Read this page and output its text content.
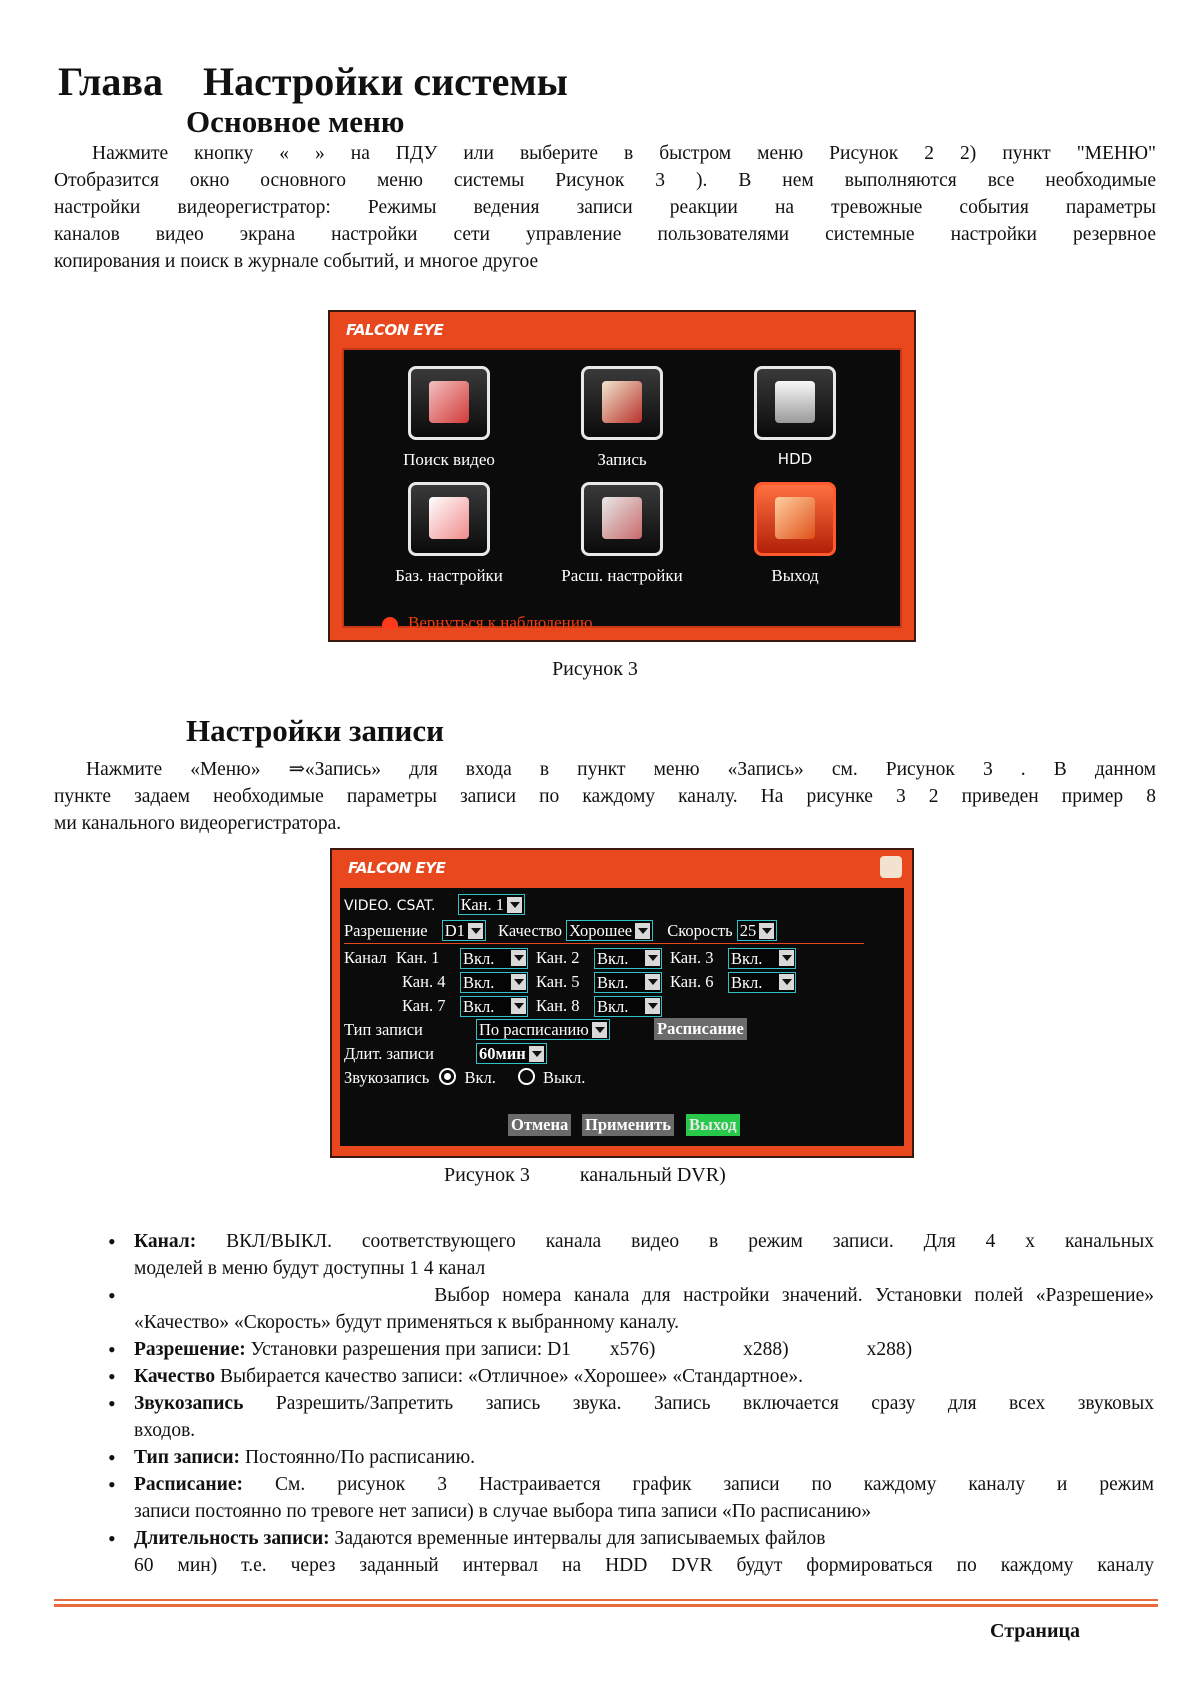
Глава    Настройки системы
Основное меню
Нажмите кнопку « » на ПДУ или выберите в быстром меню Рисунок 2 2) пункт "МЕНЮ"
Отобразится окно основного меню системы Рисунок 3 ). В нем выполняются все необходимые
настройки видеорегистратор: Режимы ведения записи реакции на тревожные события параметры
каналов видео экрана настройки сети управление пользователями системные настройки резервное
копирования и поиск в журнале событий, и многое другое
FALCON EYE
Поиск видео	Запись	HDD
Баз. настройки	Расш. настройки	Выход
Вернуться к наблюдению
Рисунок 3
Настройки записи
Нажмите «Меню» ⇒«Запись» для входа в пункт меню «Запись» см. Рисунок 3 . В данном
пункте задаем необходимые параметры записи по каждому каналу. На рисунке 3 2 приведен пример 8
ми канального видеорегистратора.
FALCON EYE
VIDEO. CSAT. Кан. 1
Разрешение D1 Качество Хорошее Скорость 25
Канал Кан. 1 Вкл.	Кан. 2 Вкл.	Кан. 3 Вкл.
Кан. 4 Вкл.	Кан. 5 Вкл.	Кан. 6 Вкл.
Кан. 7 Вкл.	Кан. 8 Вкл.
Тип записи	По расписанию	Расписание
Длит. записи	60мин
Звукозапись Вкл.	Выкл.
Отмена Применить Выход
Рисунок 3          канальный DVR)
• Канал: ВКЛ/ВЫКЛ. соответствующего канала видео в режим записи. Для 4 х канальных
моделей в меню будут доступны 1 4 канал
•                         Выбор номера канала для настройки значений. Установки полей «Разрешение»
«Качество» «Скорость» будут применяться к выбранному каналу.
• Разрешение: Установки разрешения при записи: D1        x576)                  x288)                x288)
• Качество Выбирается качество записи: «Отличное» «Хорошее» «Стандартное».
• Звукозапись Разрешить/Запретить запись звука. Запись включается сразу для всех звуковых
входов.
• Тип записи: Постоянно/По расписанию.
• Расписание: См. рисунок 3 Настраивается график записи по каждому каналу и режим
записи постоянно по тревоге нет записи) в случае выбора типа записи «По расписанию»
• Длительность записи: Задаются временные интервалы для записываемых файлов
60 мин) т.е. через заданный интервал на HDD DVR будут формироваться по каждому каналу
Страница
